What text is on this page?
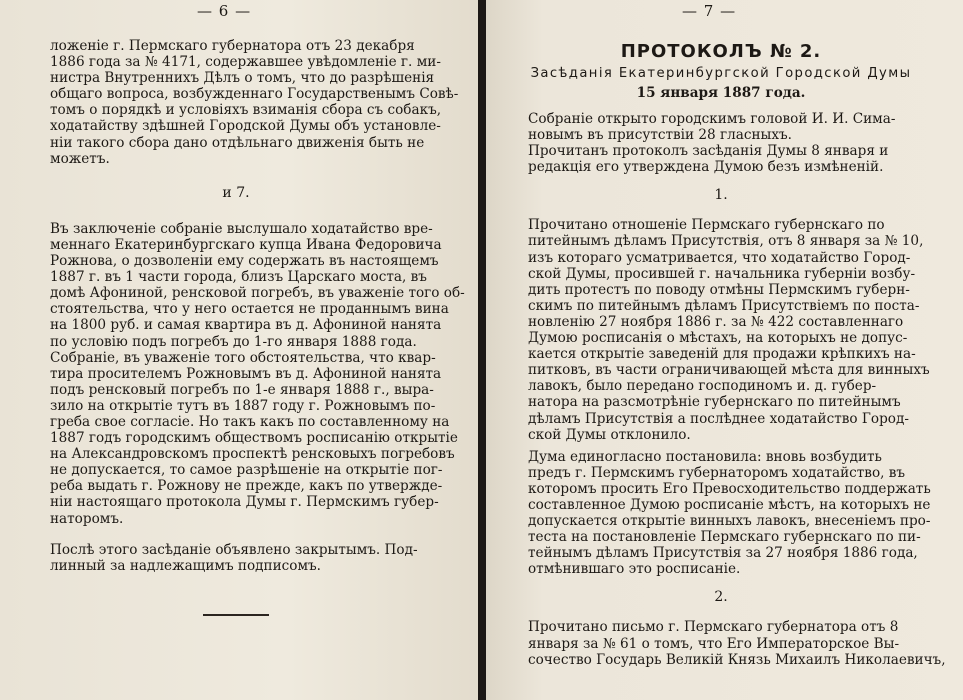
— 6 —

ложеніе г. Пермскаго губернатора отъ 23 декабря
1886 года за № 4171, содержавшее увѣдомленіе г. ми-
нистра Внутреннихъ Дѣлъ о томъ, что до разрѣшенія
общаго вопроса, возбужденнаго Государственымъ Совѣ-
томъ о порядкѣ и условіяхъ взиманія сбора съ собакъ,
ходатайству здѣшней Городской Думы объ установле-
ніи такого сбора дано отдѣльнаго движенія быть не
можетъ.

и 7.

Въ заключеніе собраніе выслушало ходатайство вре-
меннаго Екатеринбургскаго купца Ивана Федоровича
Рожнова, о дозволеніи ему содержать въ настоящемъ
1887 г. въ 1 части города, близъ Царскаго моста, въ
домѣ Афониной, ренсковой погребъ, въ уваженіе того об-
стоятельства, что у него остается не проданнымъ вина
на 1800 руб. и самая квартира въ д. Афониной нанята
по условію подъ погребъ до 1-го января 1888 года.
Собраніе, въ уваженіе того обстоятельства, что квар-
тира просителемъ Рожновымъ въ д. Афониной нанята
подъ ренсковый погребъ по 1-е января 1888 г., выра-
зило на открытіе тутъ въ 1887 году г. Рожновымъ по-
греба свое согласіе. Но такъ какъ по составленному на
1887 годъ городскимъ обществомъ росписанію открытіе
на Александровскомъ проспектѣ ренсковыхъ погребовъ
не допускается, то самое разрѣшеніе на открытіе пог-
реба выдать г. Рожнову не прежде, какъ по утвержде-
ніи настоящаго протокола Думы г. Пермскимъ губер-
наторомъ.

Послѣ этого засѣданіе объявлено закрытымъ. Под-
линный за надлежащимъ подписомъ.

— 7 —
ПРОТОКОЛЪ № 2.
Засѣданія Екатеринбургской Городской Думы
15 января 1887 года.

Собраніе открыто городскимъ головой И. И. Сима-
новымъ въ присутствіи 28 гласныхъ.

Прочитанъ протоколъ засѣданія Думы 8 января и
редакція его утверждена Думою безъ измѣненій.

1.

Прочитано отношеніе Пермскаго губернскаго по
питейнымъ дѣламъ Присутствія, отъ 8 января за № 10,
изъ котораго усматривается, что ходатайство Город-
ской Думы, просившей г. начальника губерніи возбу-
дить протестъ по поводу отмѣны Пермскимъ губерн-
скимъ по питейнымъ дѣламъ Присутствіемъ по поста-
новленію 27 ноября 1886 г. за № 422 составленнаго
Думою росписанія о мѣстахъ, на которыхъ не допус-
кается открытіе заведеній для продажи крѣпкихъ на-
питковъ, въ части ограничивающей мѣста для винныхъ
лавокъ, было передано господиномъ и. д. губер-
натора на разсмотрѣніе губернскаго по питейнымъ
дѣламъ Присутствія а послѣднее ходатайство Город-
ской Думы отклонило.

Дума единогласно постановила: вновь возбудить
предъ г. Пермскимъ губернаторомъ ходатайство, въ
которомъ просить Его Превосходительство поддержать
составленное Думою росписаніе мѣстъ, на которыхъ не
допускается открытіе винныхъ лавокъ, внесеніемъ про-
теста на постановленіе Пермскаго губернскаго по пи-
тейнымъ дѣламъ Присутствія за 27 ноября 1886 года,
отмѣнившаго это росписаніе.

2.

Прочитано письмо г. Пермскаго губернатора отъ 8
января за № 61 о томъ, что Его Императорское Вы-
сочество Государь Великій Князь Михаилъ Николаевичъ,
